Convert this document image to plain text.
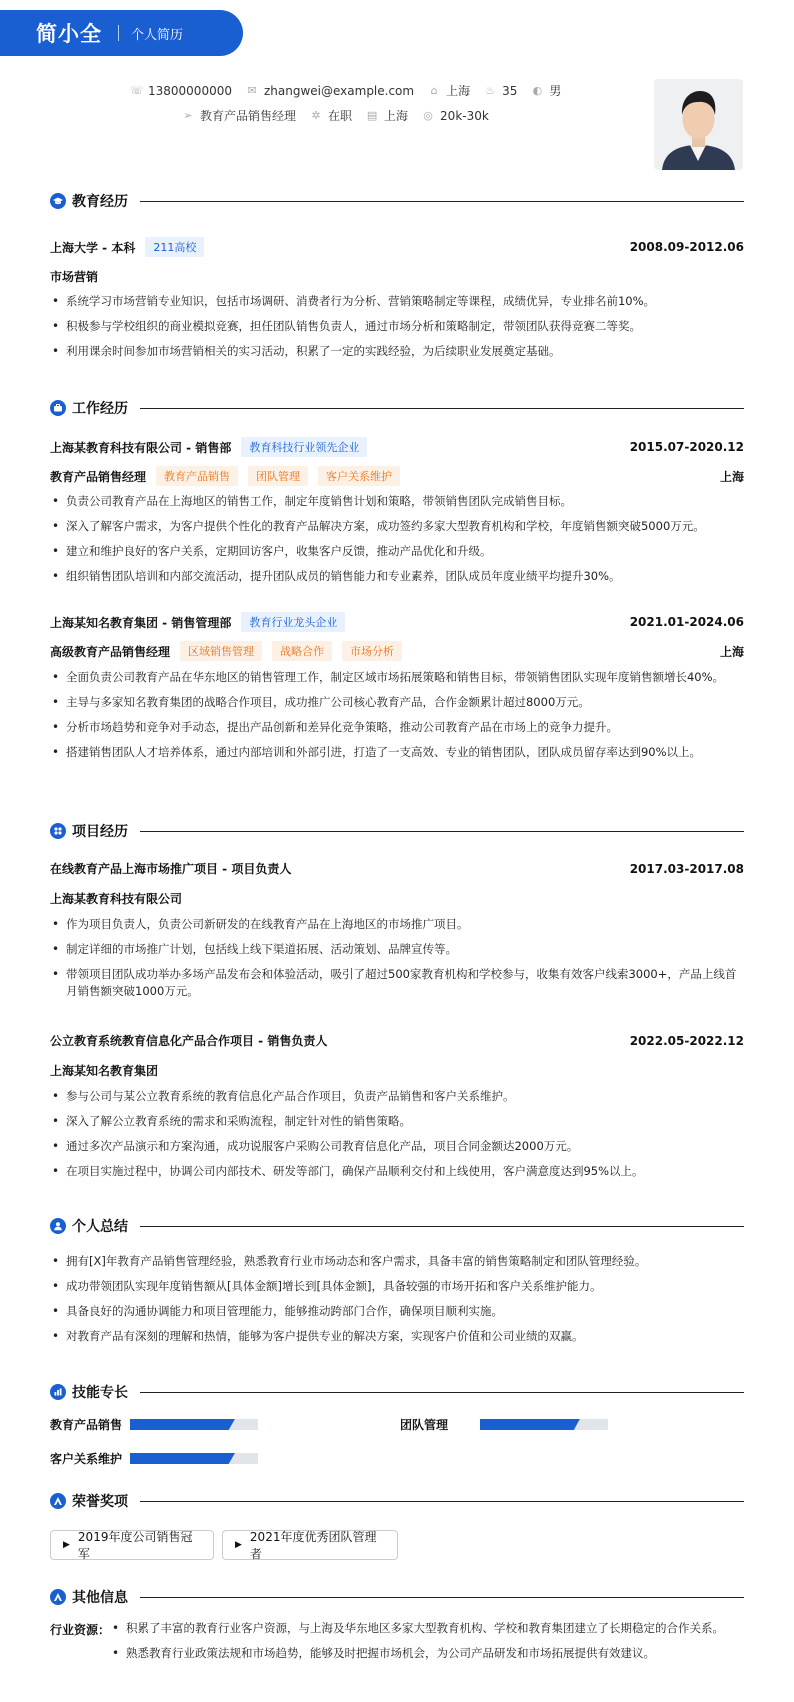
简小全 个人简历
☏ 13800000000 ✉ zhangwei@example.com ⌂ 上海 ♨ 35 ◐ 男
➢ 教育产品销售经理 ✲ 在职 ▤ 上海 ◎ 20k-30k
教育经历
上海大学 - 本科	211高校	2008.09-2012.06
市场营销
• 系统学习市场营销专业知识，包括市场调研、消费者行为分析、营销策略制定等课程，成绩优异，专业排名前10%。
• 积极参与学校组织的商业模拟竞赛，担任团队销售负责人，通过市场分析和策略制定，带领团队获得竞赛二等奖。
• 利用课余时间参加市场营销相关的实习活动，积累了一定的实践经验，为后续职业发展奠定基础。
工作经历
上海某教育科技有限公司 - 销售部	教育科技行业领先企业	2015.07-2020.12
教育产品销售经理	教育产品销售	团队管理	客户关系维护	上海
• 负责公司教育产品在上海地区的销售工作，制定年度销售计划和策略，带领销售团队完成销售目标。
• 深入了解客户需求，为客户提供个性化的教育产品解决方案，成功签约多家大型教育机构和学校，年度销售额突破5000万元。
• 建立和维护良好的客户关系，定期回访客户，收集客户反馈，推动产品优化和升级。
• 组织销售团队培训和内部交流活动，提升团队成员的销售能力和专业素养，团队成员年度业绩平均提升30%。
上海某知名教育集团 - 销售管理部	教育行业龙头企业	2021.01-2024.06
高级教育产品销售经理	区域销售管理	战略合作	市场分析	上海
• 全面负责公司教育产品在华东地区的销售管理工作，制定区域市场拓展策略和销售目标，带领销售团队实现年度销售额增长40%。
• 主导与多家知名教育集团的战略合作项目，成功推广公司核心教育产品，合作金额累计超过8000万元。
• 分析市场趋势和竞争对手动态，提出产品创新和差异化竞争策略，推动公司教育产品在市场上的竞争力提升。
• 搭建销售团队人才培养体系，通过内部培训和外部引进，打造了一支高效、专业的销售团队，团队成员留存率达到90%以上。
项目经历
在线教育产品上海市场推广项目 - 项目负责人	2017.03-2017.08
上海某教育科技有限公司
• 作为项目负责人，负责公司新研发的在线教育产品在上海地区的市场推广项目。
• 制定详细的市场推广计划，包括线上线下渠道拓展、活动策划、品牌宣传等。
• 带领项目团队成功举办多场产品发布会和体验活动，吸引了超过500家教育机构和学校参与，收集有效客户线索3000+，产品上线首月销售额突破1000万元。
公立教育系统教育信息化产品合作项目 - 销售负责人	2022.05-2022.12
上海某知名教育集团
• 参与公司与某公立教育系统的教育信息化产品合作项目，负责产品销售和客户关系维护。
• 深入了解公立教育系统的需求和采购流程，制定针对性的销售策略。
• 通过多次产品演示和方案沟通，成功说服客户采购公司教育信息化产品，项目合同金额达2000万元。
• 在项目实施过程中，协调公司内部技术、研发等部门，确保产品顺利交付和上线使用，客户满意度达到95%以上。
个人总结
• 拥有[X]年教育产品销售管理经验，熟悉教育行业市场动态和客户需求，具备丰富的销售策略制定和团队管理经验。
• 成功带领团队实现年度销售额从[具体金额]增长到[具体金额]，具备较强的市场开拓和客户关系维护能力。
• 具备良好的沟通协调能力和项目管理能力，能够推动跨部门合作，确保项目顺利实施。
• 对教育产品有深刻的理解和热情，能够为客户提供专业的解决方案，实现客户价值和公司业绩的双赢。
技能专长
教育产品销售	团队管理
客户关系维护
荣誉奖项
▶
2019年度公司销售冠军
▶
2021年度优秀团队管理者
其他信息
行业资源：
•	积累了丰富的教育行业客户资源，与上海及华东地区多家大型教育机构、学校和教育集团建立了长期稳定的合作关系。
• 熟悉教育行业政策法规和市场趋势，能够及时把握市场机会，为公司产品研发和市场拓展提供有效建议。
